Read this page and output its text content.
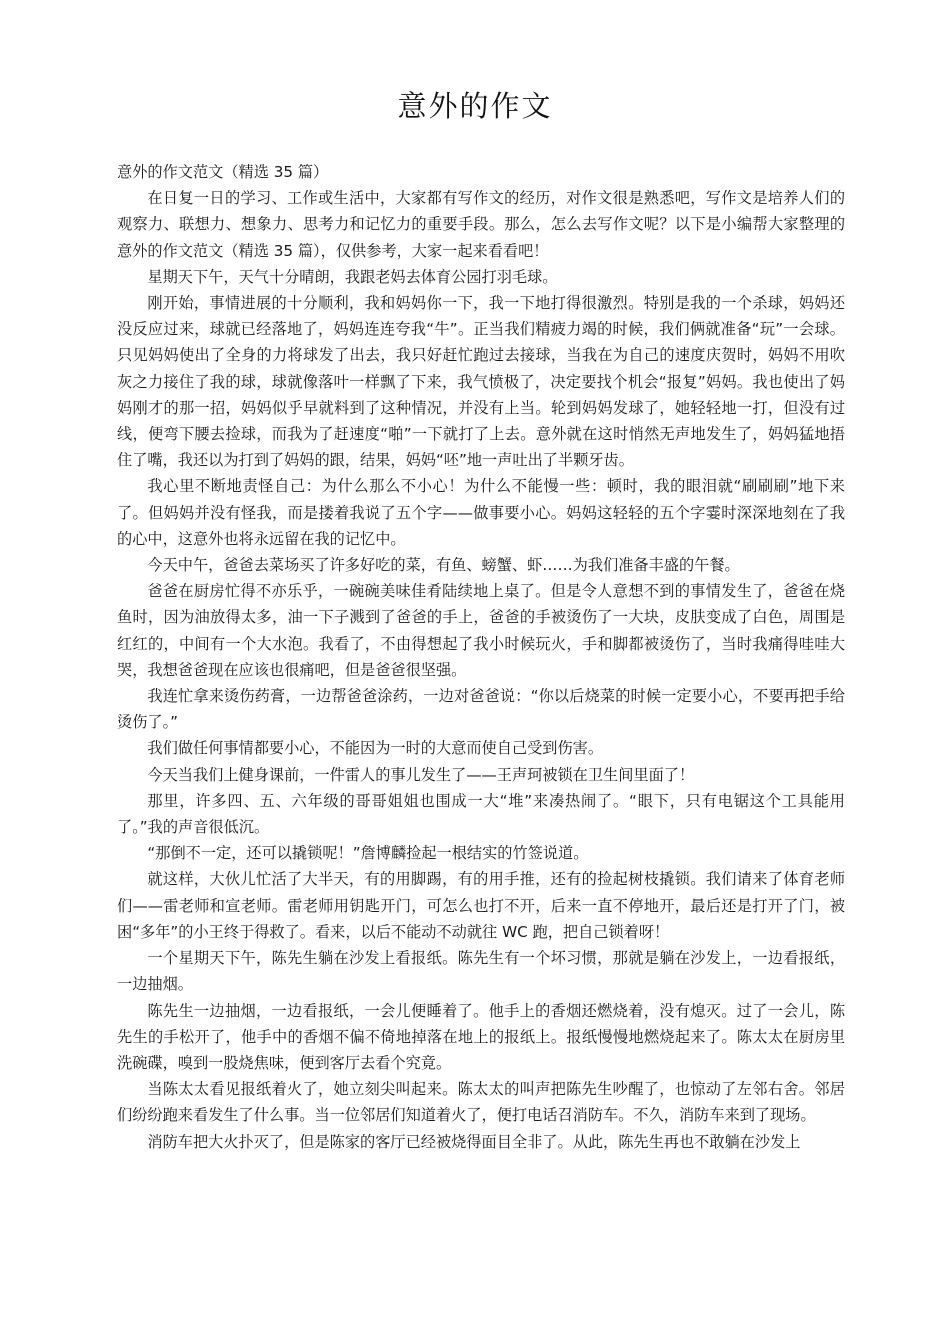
意外的作文

意外的作文范文（精选 35 篇）

在日复一日的学习、工作或生活中，大家都有写作文的经历，对作文很是熟悉吧，写作文是培养人们的观察力、联想力、想象力、思考力和记忆力的重要手段。那么，怎么去写作文呢？以下是小编帮大家整理的意外的作文范文（精选 35 篇），仅供参考，大家一起来看看吧！

星期天下午，天气十分晴朗，我跟老妈去体育公园打羽毛球。

刚开始，事情进展的十分顺利，我和妈妈你一下，我一下地打得很激烈。特别是我的一个杀球，妈妈还没反应过来，球就已经落地了，妈妈连连夸我“牛”。正当我们精疲力竭的时候，我们俩就准备“玩”一会球。只见妈妈使出了全身的力将球发了出去，我只好赶忙跑过去接球，当我在为自己的速度庆贺时，妈妈不用吹灰之力接住了我的球，球就像落叶一样飘了下来，我气愤极了，决定要找个机会“报复”妈妈。我也使出了妈妈刚才的那一招，妈妈似乎早就料到了这种情况，并没有上当。轮到妈妈发球了，她轻轻地一打，但没有过线，便弯下腰去捡球，而我为了赶速度“啪”一下就打了上去。意外就在这时悄然无声地发生了，妈妈猛地捂住了嘴，我还以为打到了妈妈的跟，结果，妈妈“呸”地一声吐出了半颗牙齿。

我心里不断地责怪自己：为什么那么不小心！为什么不能慢一些：顿时，我的眼泪就“刷刷刷”地下来了。但妈妈并没有怪我，而是搂着我说了五个字——做事要小心。妈妈这轻轻的五个字霎时深深地刻在了我的心中，这意外也将永远留在我的记忆中。

今天中午，爸爸去菜场买了许多好吃的菜，有鱼、螃蟹、虾……为我们准备丰盛的午餐。

爸爸在厨房忙得不亦乐乎，一碗碗美味佳肴陆续地上桌了。但是令人意想不到的事情发生了，爸爸在烧鱼时，因为油放得太多，油一下子溅到了爸爸的手上，爸爸的手被烫伤了一大块，皮肤变成了白色，周围是红红的，中间有一个大水泡。我看了，不由得想起了我小时候玩火，手和脚都被烫伤了，当时我痛得哇哇大哭，我想爸爸现在应该也很痛吧，但是爸爸很坚强。

我连忙拿来烫伤药膏，一边帮爸爸涂药，一边对爸爸说：“你以后烧菜的时候一定要小心，不要再把手给烫伤了。”

我们做任何事情都要小心，不能因为一时的大意而使自己受到伤害。

今天当我们上健身课前，一件雷人的事儿发生了——王声珂被锁在卫生间里面了！

那里，许多四、五、六年级的哥哥姐姐也围成一大“堆”来凑热闹了。“眼下，只有电锯这个工具能用了。”我的声音很低沉。

“那倒不一定，还可以撬锁呢！”詹博麟捡起一根结实的竹签说道。

就这样，大伙儿忙活了大半天，有的用脚踢，有的用手推，还有的捡起树枝撬锁。我们请来了体育老师们——雷老师和宣老师。雷老师用钥匙开门，可怎么也打不开，后来一直不停地开，最后还是打开了门，被困“多年”的小王终于得救了。看来，以后不能动不动就往 WC 跑，把自己锁着呀！

一个星期天下午，陈先生躺在沙发上看报纸。陈先生有一个坏习惯，那就是躺在沙发上，一边看报纸，一边抽烟。

陈先生一边抽烟，一边看报纸，一会儿便睡着了。他手上的香烟还燃烧着，没有熄灭。过了一会儿，陈先生的手松开了，他手中的香烟不偏不倚地掉落在地上的报纸上。报纸慢慢地燃烧起来了。陈太太在厨房里洗碗碟，嗅到一股烧焦味，便到客厅去看个究竟。

当陈太太看见报纸着火了，她立刻尖叫起来。陈太太的叫声把陈先生吵醒了，也惊动了左邻右舍。邻居们纷纷跑来看发生了什么事。当一位邻居们知道着火了，便打电话召消防车。不久，消防车来到了现场。

消防车把大火扑灭了，但是陈家的客厅已经被烧得面目全非了。从此，陈先生再也不敢躺在沙发上
